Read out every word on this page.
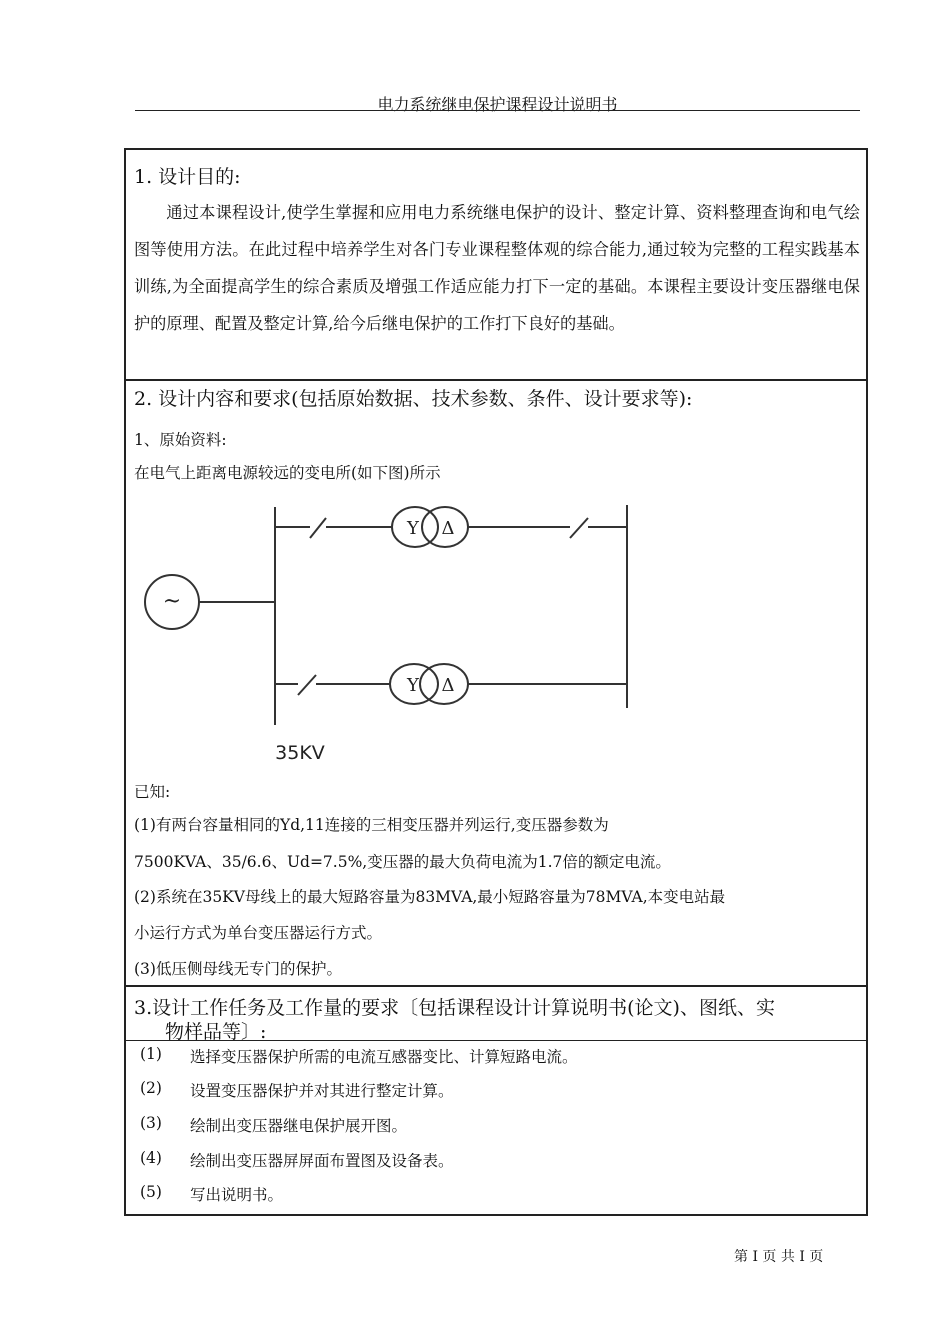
电力系统继电保护课程设计说明书
1. 设计目的:
通过本课程设计,使学生掌握和应用电力系统继电保护的设计、整定计算、资料整理查询和电气绘图等使用方法。在此过程中培养学生对各门专业课程整体观的综合能力,通过较为完整的工程实践基本训练,为全面提高学生的综合素质及增强工作适应能力打下一定的基础。本课程主要设计变压器继电保护的原理、配置及整定计算,给今后继电保护的工作打下良好的基础。
2. 设计内容和要求(包括原始数据、技术参数、条件、设计要求等):
1、原始资料:
在电气上距离电源较远的变电所(如下图)所示
~
Y Δ
Y Δ
35KV
已知:
(1)有两台容量相同的Yd,11连接的三相变压器并列运行,变压器参数为
7500KVA、35/6.6、Ud=7.5%,变压器的最大负荷电流为1.7倍的额定电流。
(2)系统在35KV母线上的最大短路容量为83MVA,最小短路容量为78MVA,本变电站最
小运行方式为单台变压器运行方式。
(3)低压侧母线无专门的保护。
3.设计工作任务及工作量的要求〔包括课程设计计算说明书(论文)、图纸、实
物样品等〕:
(1) 选择变压器保护所需的电流互感器变比、计算短路电流。
(2) 设置变压器保护并对其进行整定计算。
(3) 绘制出变压器继电保护展开图。
(4) 绘制出变压器屏屏面布置图及设备表。
(5) 写出说明书。
第 I 页 共 I 页
